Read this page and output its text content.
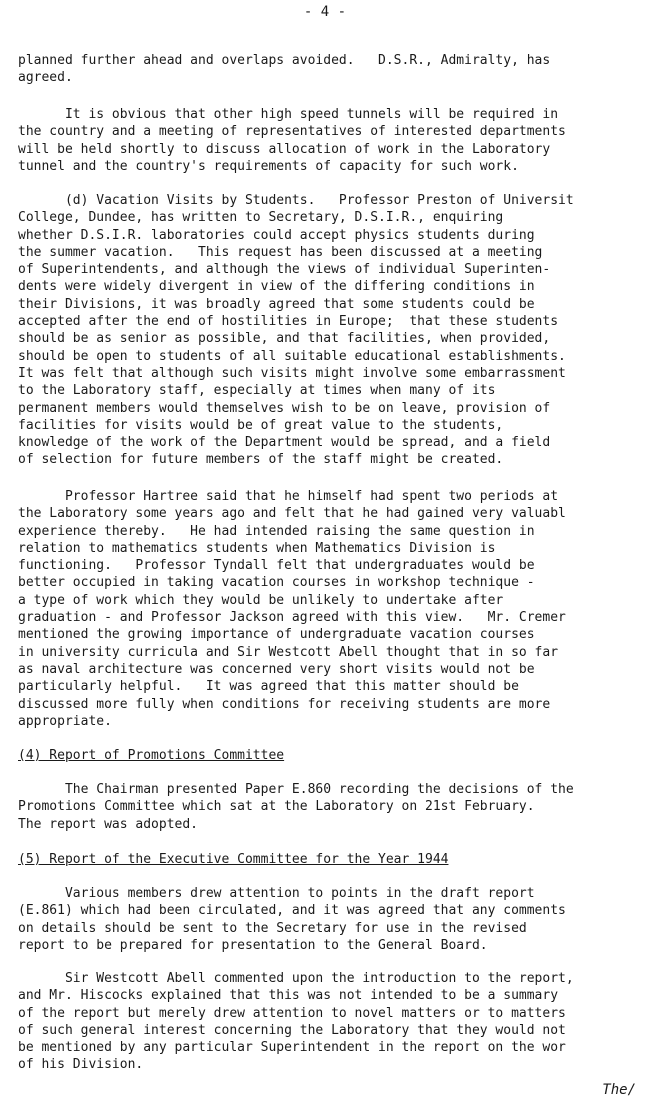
- 4 -

planned further ahead and overlaps avoided.   D.S.R., Admiralty, has
agreed.

It is obvious that other high speed tunnels will be required in
the country and a meeting of representatives of interested departments
will be held shortly to discuss allocation of work in the Laboratory
tunnel and the country's requirements of capacity for such work.

(d) Vacation Visits by Students.   Professor Preston of Universit
College, Dundee, has written to Secretary, D.S.I.R., enquiring
whether D.S.I.R. laboratories could accept physics students during
the summer vacation.   This request has been discussed at a meeting
of Superintendents, and although the views of individual Superinten-
dents were widely divergent in view of the differing conditions in
their Divisions, it was broadly agreed that some students could be
accepted after the end of hostilities in Europe;  that these students
should be as senior as possible, and that facilities, when provided,
should be open to students of all suitable educational establishments.
It was felt that although such visits might involve some embarrassment
to the Laboratory staff, especially at times when many of its
permanent members would themselves wish to be on leave, provision of
facilities for visits would be of great value to the students,
knowledge of the work of the Department would be spread, and a field
of selection for future members of the staff might be created.

Professor Hartree said that he himself had spent two periods at
the Laboratory some years ago and felt that he had gained very valuabl
experience thereby.   He had intended raising the same question in
relation to mathematics students when Mathematics Division is
functioning.   Professor Tyndall felt that undergraduates would be
better occupied in taking vacation courses in workshop technique -
a type of work which they would be unlikely to undertake after
graduation - and Professor Jackson agreed with this view.   Mr. Cremer
mentioned the growing importance of undergraduate vacation courses
in university curricula and Sir Westcott Abell thought that in so far
as naval architecture was concerned very short visits would not be
particularly helpful.   It was agreed that this matter should be
discussed more fully when conditions for receiving students are more
appropriate.

(4) Report of Promotions Committee

The Chairman presented Paper E.860 recording the decisions of the
Promotions Committee which sat at the Laboratory on 21st February.
The report was adopted.

(5) Report of the Executive Committee for the Year 1944

Various members drew attention to points in the draft report
(E.861) which had been circulated, and it was agreed that any comments
on details should be sent to the Secretary for use in the revised
report to be prepared for presentation to the General Board.

Sir Westcott Abell commented upon the introduction to the report,
and Mr. Hiscocks explained that this was not intended to be a summary
of the report but merely drew attention to novel matters or to matters
of such general interest concerning the Laboratory that they would not
be mentioned by any particular Superintendent in the report on the wor
of his Division.

The/
